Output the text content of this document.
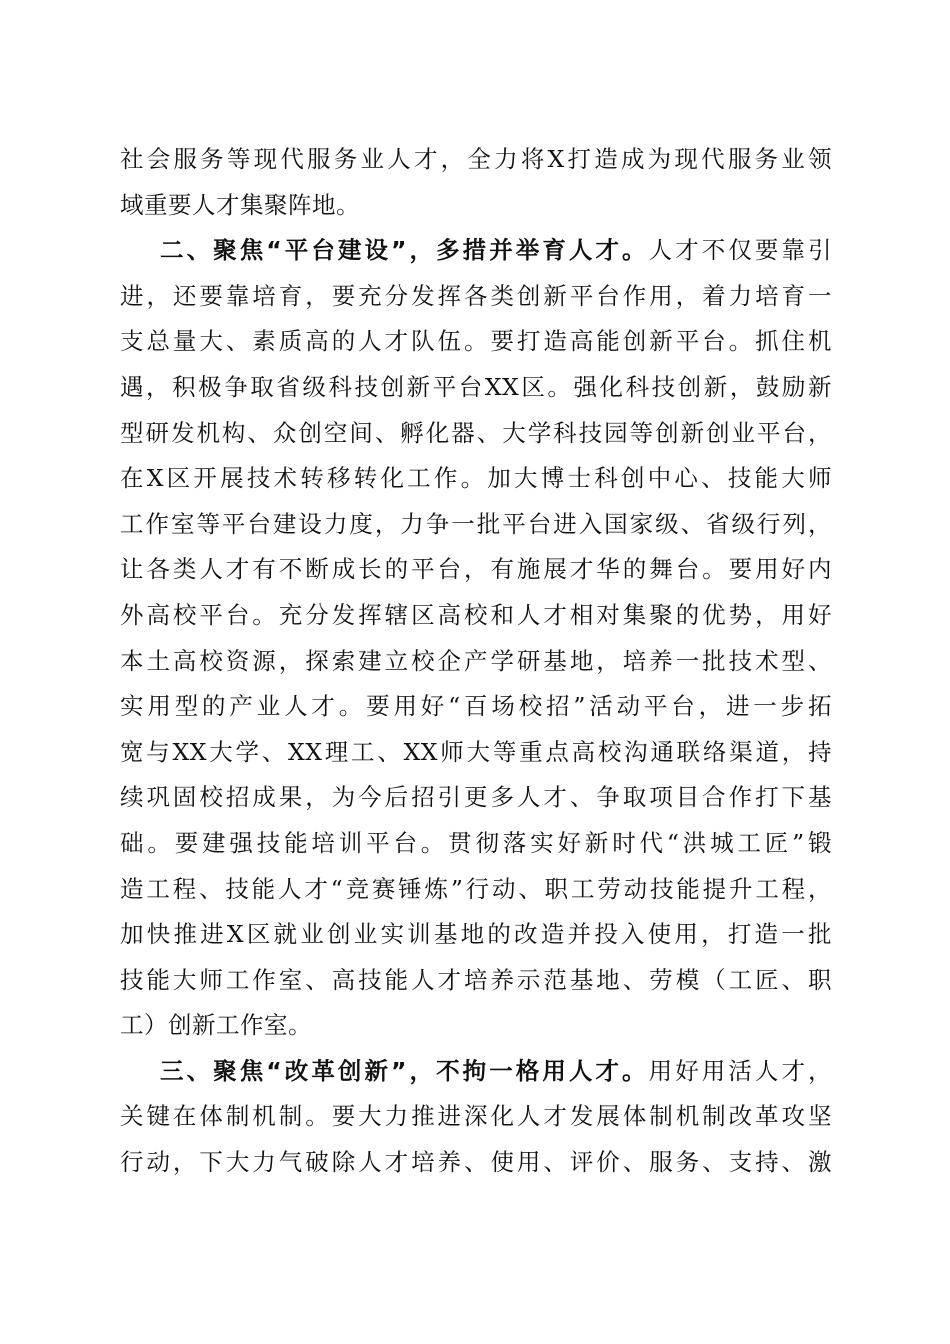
社会服务等现代服务业人才，全力将X打造成为现代服务业领
域重要人才集聚阵地。
二、聚焦“平台建设”，多措并举育人才。人才不仅要靠引
进，还要靠培育，要充分发挥各类创新平台作用，着力培育一
支总量大、素质高的人才队伍。要打造高能创新平台。抓住机
遇，积极争取省级科技创新平台XX区。强化科技创新，鼓励新
型研发机构、众创空间、孵化器、大学科技园等创新创业平台，
在X区开展技术转移转化工作。加大博士科创中心、技能大师
工作室等平台建设力度，力争一批平台进入国家级、省级行列，
让各类人才有不断成长的平台，有施展才华的舞台。要用好内
外高校平台。充分发挥辖区高校和人才相对集聚的优势，用好
本土高校资源，探索建立校企产学研基地，培养一批技术型、
实用型的产业人才。要用好“百场校招”活动平台，进一步拓
宽与XX大学、XX理工、XX师大等重点高校沟通联络渠道，持
续巩固校招成果，为今后招引更多人才、争取项目合作打下基
础。要建强技能培训平台。贯彻落实好新时代“洪城工匠”锻
造工程、技能人才“竞赛锤炼”行动、职工劳动技能提升工程，
加快推进X区就业创业实训基地的改造并投入使用，打造一批
技能大师工作室、高技能人才培养示范基地、劳模（工匠、职
工）创新工作室。
三、聚焦“改革创新”，不拘一格用人才。用好用活人才，
关键在体制机制。要大力推进深化人才发展体制机制改革攻坚
行动，下大力气破除人才培养、使用、评价、服务、支持、激
